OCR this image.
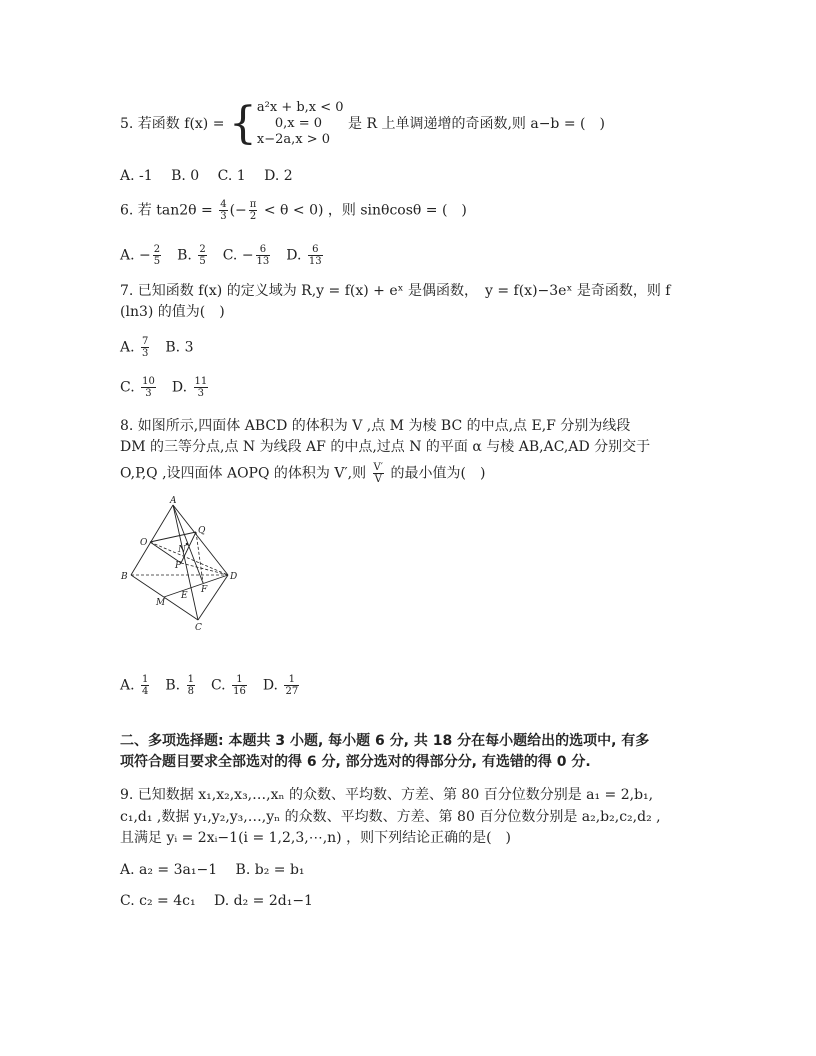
5. 若函数 f(x) = { a²x + b,x < 0
0,x = 0
x−2a,x > 0
是 R 上单调递增的奇函数,则 a−b = (　)
A. -1　 B. 0　 C. 1　 D. 2
6. 若 $\tan 2\theta = \frac{4}{3}$ (− $\frac{\pi}{2} < \theta < 0$) ，则 sinθcosθ = (　)
A. − $\frac{2}{5}$ 　B. $\frac{2}{5}$ 　C. − $\frac{6}{13}$ 　D. $\frac{6}{13}$
7. 已知函数 f(x) 的定义域为 R,y = f(x) + eˣ 是偶函数，　y = f(x)−3eˣ 是奇函数，则 f
(ln3) 的值为(　)
A. $\frac{7}{3}$ 　B. 3
C. $\frac{10}{3}$ 　D. $\frac{11}{3}$
8. 如图所示,四面体 ABCD 的体积为 V ,点 M 为棱 BC 的中点,点 E,F 分别为线段
DM 的三等分点,点 N 为线段 AF 的中点,过点 N 的平面 α 与棱 AB,AC,AD 分别交于
O,P,Q ,设四面体 AOPQ 的体积为 V′,则 $\frac{V'}{V}$ 的最小值为(　)
A
B
C
D
M
E
F
N
O
P
Q
A. $\frac{1}{4}$ 　B. $\frac{1}{8}$ 　C. $\frac{1}{16}$ 　D. $\frac{1}{27}$
二、多项选择题: 本题共 3 小题, 每小题 6 分, 共 18 分在每小题给出的选项中, 有多
项符合题目要求全部选对的得 6 分, 部分选对的得部分分, 有选错的得 0 分.
9. 已知数据 x₁,x₂,x₃,…,xₙ 的众数、平均数、方差、第 80 百分位数分别是 a₁ = 2,b₁,
c₁,d₁ ,数据 y₁,y₂,y₃,…,yₙ 的众数、平均数、方差、第 80 百分位数分别是 a₂,b₂,c₂,d₂ ,
且满足 yᵢ = 2xᵢ−1(i = 1,2,3,⋯,n) ，则下列结论正确的是(　)
A. a₂ = 3a₁−1　 B. b₂ = b₁
C. c₂ = 4c₁　 D. d₂ = 2d₁−1
